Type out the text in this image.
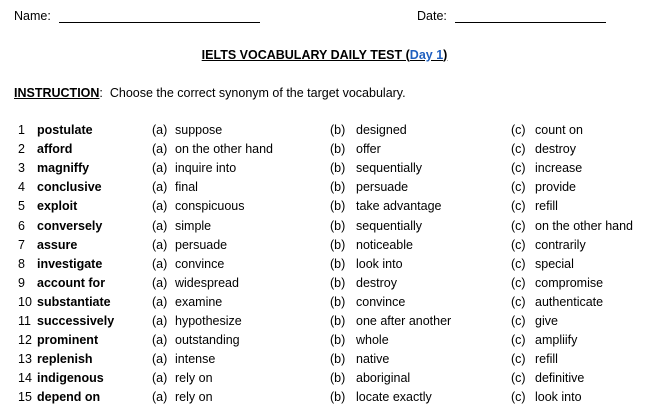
Name:	Date:
IELTS VOCABULARY DAILY TEST (Day 1)
INSTRUCTION:  Choose the correct synonym of the target vocabulary.
1 postulate	(a) suppose	(b) designed	(c) count on
2 afford	(a) on the other hand	(b) offer	(c) destroy
3 magniffy	(a) inquire into	(b) sequentially	(c) increase
4 conclusive	(a) final	(b) persuade	(c) provide
5 exploit	(a) conspicuous	(b) take advantage	(c) refill
6 conversely	(a) simple	(b) sequentially	(c) on the other hand
7 assure	(a) persuade	(b) noticeable	(c) contrarily
8 investigate	(a) convince	(b) look into	(c) special
9 account for	(a) widespread	(b) destroy	(c) compromise
10 substantiate	(a) examine	(b) convince	(c) authenticate
11 successively	(a) hypothesize	(b) one after another	(c) give
12 prominent	(a) outstanding	(b) whole	(c) ampliify
13 replenish	(a) intense	(b) native	(c) refill
14 indigenous	(a) rely on	(b) aboriginal	(c) definitive
15 depend on	(a) rely on	(b) locate exactly	(c) look into
